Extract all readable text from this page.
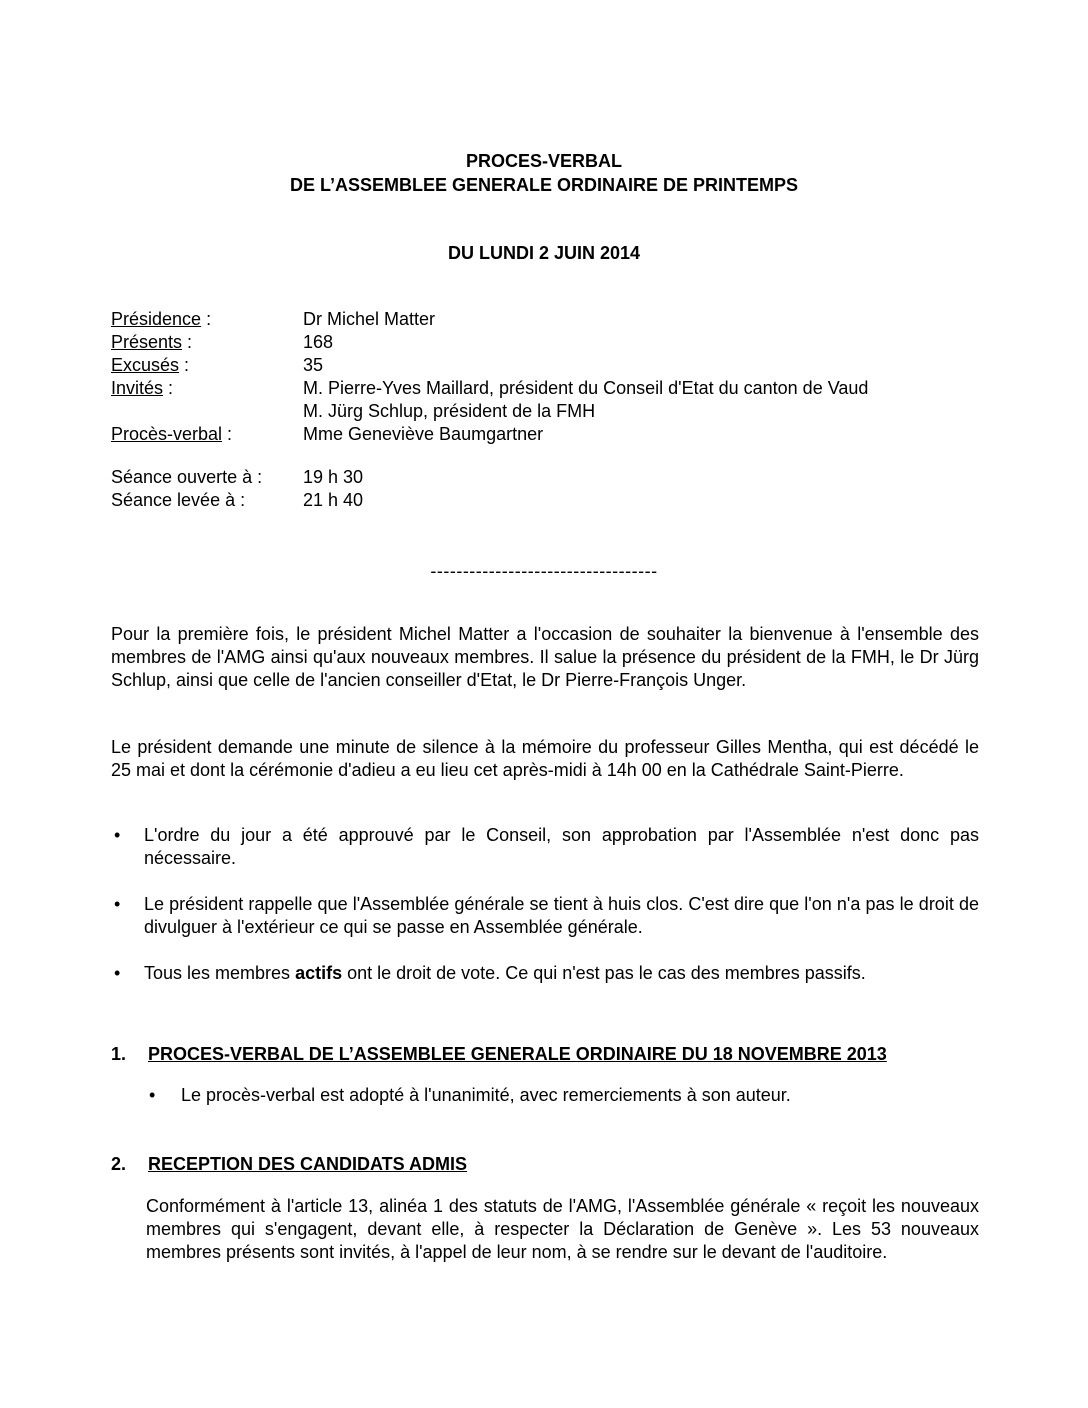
PROCES-VERBAL
DE L’ASSEMBLEE GENERALE ORDINAIRE DE PRINTEMPS
DU LUNDI 2 JUIN 2014
Présidence :	Dr Michel Matter
Présents :	168
Excusés :	35
Invités :	M. Pierre-Yves Maillard, président du Conseil d'Etat du canton de Vaud
M. Jürg Schlup, président de la FMH
Procès-verbal :	Mme Geneviève Baumgartner
Séance ouverte à :	19 h 30
Séance levée à :	21 h 40
-----------------------------------
Pour la première fois, le président Michel Matter a l'occasion de souhaiter la bienvenue à l'ensemble des membres de l'AMG ainsi qu'aux nouveaux membres. Il salue la présence du président de la FMH, le Dr Jürg Schlup, ainsi que celle de l'ancien conseiller d'Etat, le Dr Pierre-François Unger.
Le président demande une minute de silence à la mémoire du professeur Gilles Mentha, qui est décédé le 25 mai et dont la cérémonie d'adieu a eu lieu cet après-midi à 14h 00 en la Cathédrale Saint-Pierre.
•	L'ordre du jour a été approuvé par le Conseil, son approbation par l'Assemblée n'est donc pas nécessaire.
•	Le président rappelle que l'Assemblée générale se tient à huis clos. C'est dire que l'on n'a pas le droit de divulguer à l'extérieur ce qui se passe en Assemblée générale.
•	Tous les membres actifs ont le droit de vote. Ce qui n'est pas le cas des membres passifs.
1.	PROCES-VERBAL DE L’ASSEMBLEE GENERALE ORDINAIRE DU 18 NOVEMBRE 2013
•	Le procès-verbal est adopté à l'unanimité, avec remerciements à son auteur.
2.	RECEPTION DES CANDIDATS ADMIS
Conformément à l'article 13, alinéa 1 des statuts de l'AMG, l'Assemblée générale « reçoit les nouveaux membres qui s'engagent, devant elle, à respecter la Déclaration de Genève ». Les 53 nouveaux membres présents sont invités, à l'appel de leur nom, à se rendre sur le devant de l'auditoire.
